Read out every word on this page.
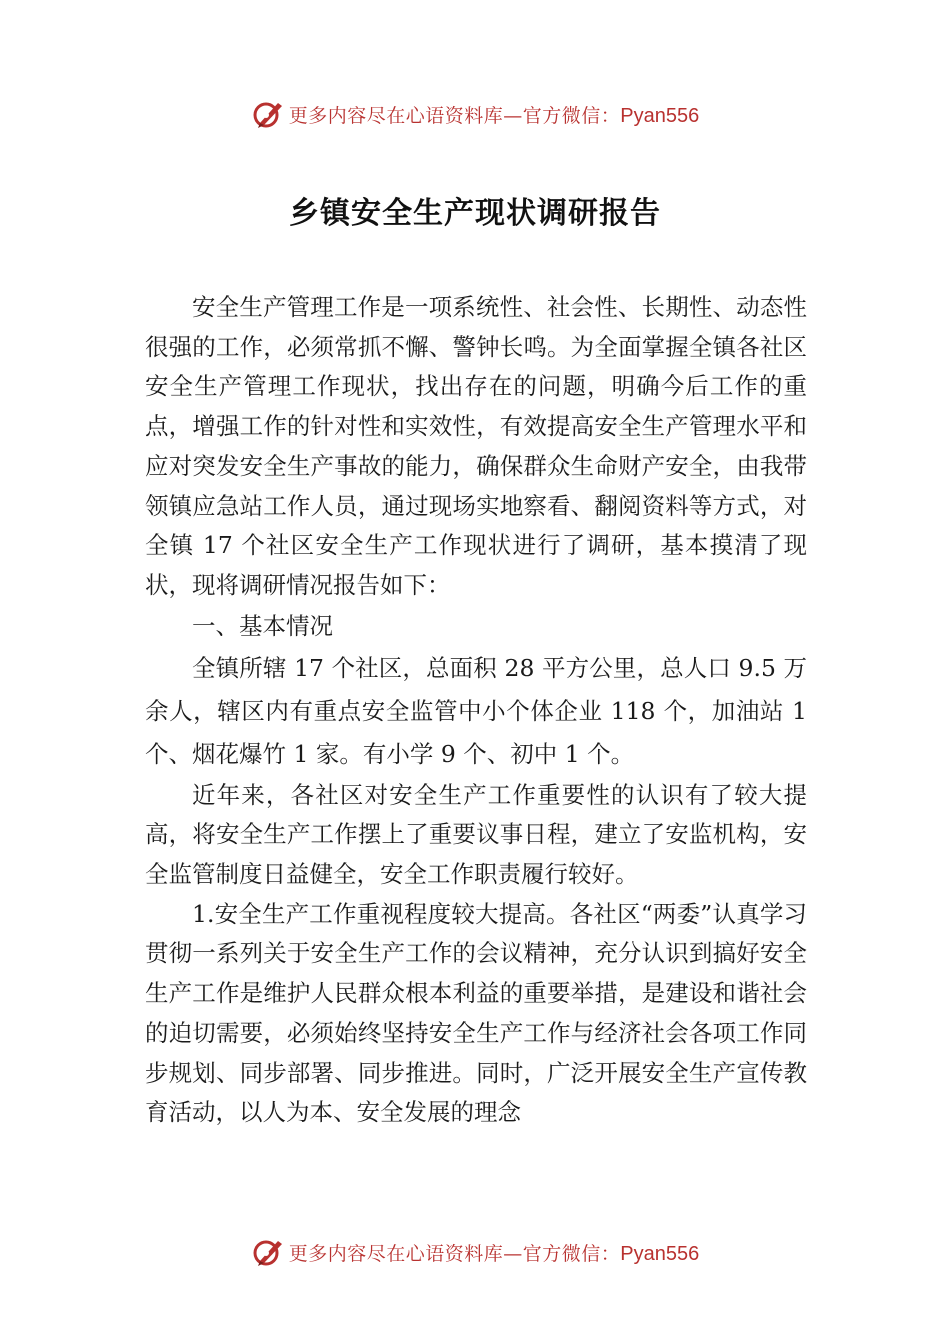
更多内容尽在心语资料库—官方微信：Pyan556
乡镇安全生产现状调研报告

安全生产管理工作是一项系统性、社会性、长期性、动态性很强的工作，必须常抓不懈、警钟长鸣。为全面掌握全镇各社区安全生产管理工作现状，找出存在的问题，明确今后工作的重点，增强工作的针对性和实效性，有效提高安全生产管理水平和应对突发安全生产事故的能力，确保群众生命财产安全，由我带领镇应急站工作人员，通过现场实地察看、翻阅资料等方式，对全镇 17 个社区安全生产工作现状进行了调研，基本摸清了现状，现将调研情况报告如下：

一、基本情况

全镇所辖 17 个社区，总面积 28 平方公里，总人口 9.5 万余人，辖区内有重点安全监管中小个体企业 118 个，加油站 1 个、烟花爆竹 1 家。有小学 9 个、初中 1 个。

近年来，各社区对安全生产工作重要性的认识有了较大提高，将安全生产工作摆上了重要议事日程，建立了安监机构，安全监管制度日益健全，安全工作职责履行较好。

1.安全生产工作重视程度较大提高。各社区“两委”认真学习贯彻一系列关于安全生产工作的会议精神，充分认识到搞好安全生产工作是维护人民群众根本利益的重要举措，是建设和谐社会的迫切需要，必须始终坚持安全生产工作与经济社会各项工作同步规划、同步部署、同步推进。同时，广泛开展安全生产宣传教育活动，以人为本、安全发展的理念

更多内容尽在心语资料库—官方微信：Pyan556
